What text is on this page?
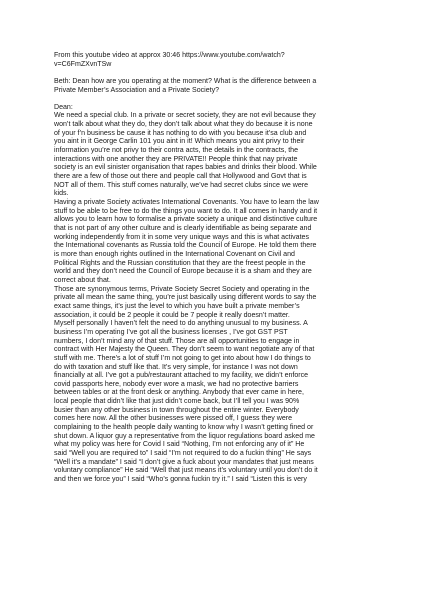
From this youtube video at approx 30:46 https://www.youtube.com/watch?
v=C6FmZXvnTSw
Beth: Dean how are you operating at the moment? What is the difference between a
Private Member’s Association and a Private Society?
Dean:
We need a special club. In a private or secret society, they are not evil because they
won’t talk about what they do, they don’t talk about what they do because it is none
of your f’n business be cause it has nothing to do with you because it’sa club and
you aint in it George Carlin 101 you aint in it! Which means you aint privy to their
information you’re not privy to their contra acts, the details in the contracts, the
interactions with one another they are PRIVATE!! People think that nay private
society is an evil sinister organisation that rapes babies and drinks their blood. While
there are a few of those out there and people call that Hollywood and Govt that is
NOT all of them. This stuff comes naturally, we’ve had secret clubs since we were
kids.
Having a private Society activates International Covenants. You have to learn the law
stuff to be able to be free to do the things you want to do. It all comes in handy and it
allows you to learn how to formalise a private society a unique and distinctive culture
that is not part of any other culture and is clearly identifiable as being separate and
working independently from it in some very unique ways and this is what activates
the International covenants as Russia told the Council of Europe. He told them there
is more than enough rights outlined in the International Covenant on Civil and
Political Rights and the Russian constitution that they are the freest people in the
world and they don’t need the Council of Europe because it is a sham and they are
correct about that.
Those are synonymous terms, Private Society Secret Society and operating in the
private all mean the same thing, you’re just basically using different words to say the
exact same things, it’s just the level to which you have built a private member’s
association, it could be 2 people it could be 7 people it really doesn’t matter.
Myself personally I haven’t felt the need to do anything unusual to my business. A
business I’m operating I’ve got all the business licenses , I’ve got GST PST
numbers, I don’t mind any of that stuff. Those are all opportunities to engage in
contract with Her Majesty the Queen. They don’t seem to want negotiate any of that
stuff with me. There’s a lot of stuff I’m not going to get into about how I do things to
do with taxation and stuff like that. It’s very simple, for instance I was not down
financially at all. I’ve got a pub/restaurant attached to my facility, we didn’t enforce
covid passports here, nobody ever wore a mask, we had no protective barriers
between tables or at the front desk or anything. Anybody that ever came in here,
local people that didn’t like that just didn’t come back, but I’ll tell you I was 90%
busier than any other business in town throughout the entire winter. Everybody
comes here now. All the other businesses were pissed off, I guess they were
complaining to the health people daily wanting to know why I wasn’t getting fined or
shut down. A liquor guy a representative from the liquor regulations board asked me
what my policy was here for Covid I said “Nothing, I’m not enforcing any of it” He
said “Well you are required to” I said “I’m not required to do a fuckin thing” He says
“Well it’s a mandate” I said “I don’t give a fuck about your mandates that just means
voluntary compliance” He said “Well that just means it’s voluntary until you don’t do it
and then we force you” I said “Who’s gonna fuckin try it.” I said “Listen this is very
